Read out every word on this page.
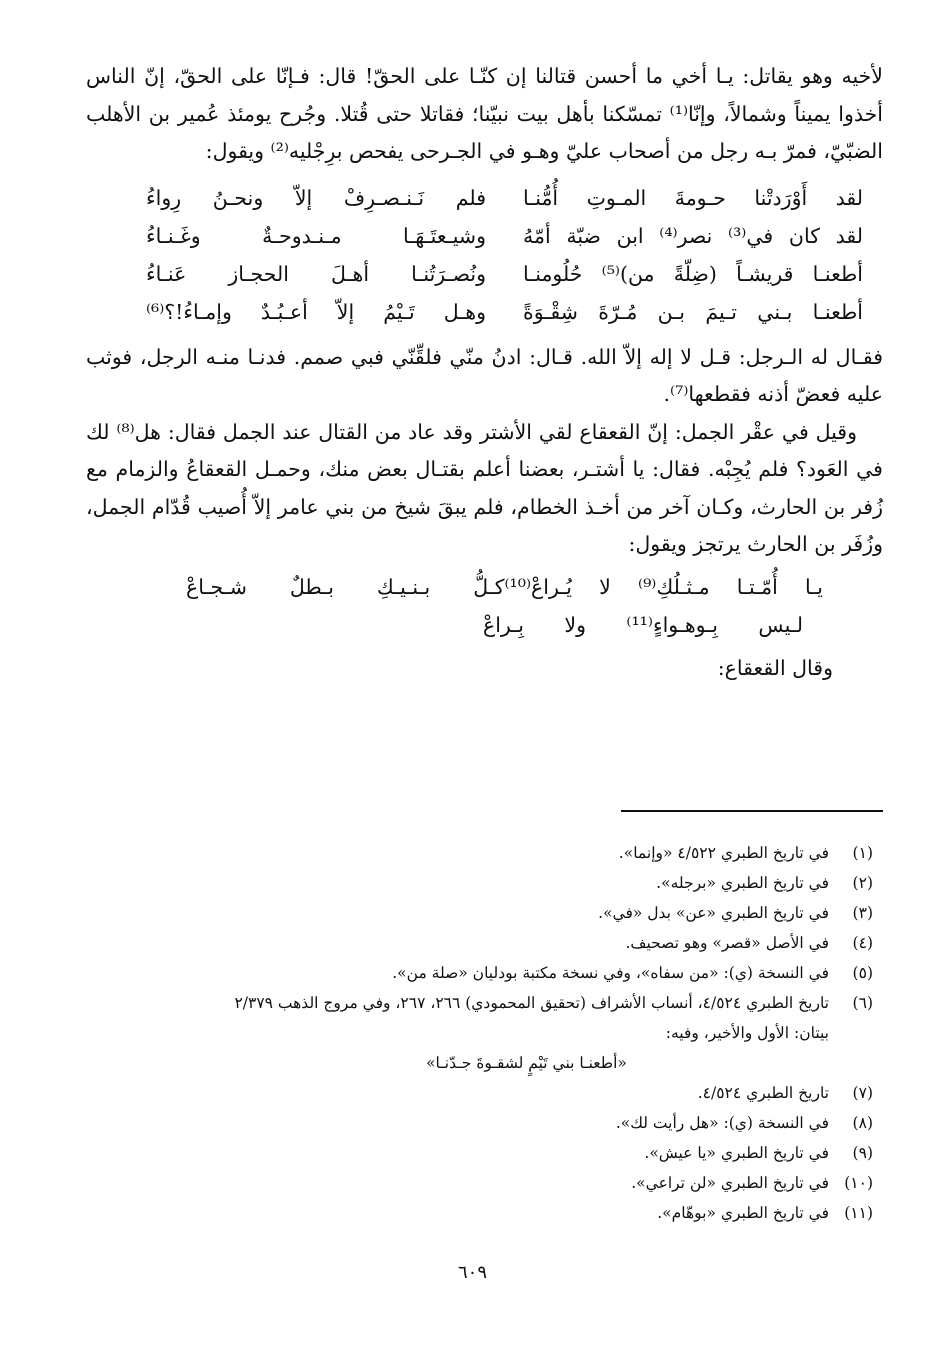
لأخيه وهو يقاتل: يـا أخي ما أحسن قتالنا إن كنّـا على الحقّ! قال: فـإنّا على الحقّ، إنّ الناس أخذوا يميناً وشمالاً، وإنّا⁽¹⁾ تمسّكنا بأهل بيت نبيّنا؛ فقاتلا حتى قُتلا. وجُرح يومئذ عُمير بن الأهلب الضبّيّ، فمرّ بـه رجل من أصحاب عليّ وهـو في الجـرحى يفحص برِجْليه⁽²⁾ ويقول:

لقد أَوْرَدتْنا حـومةَ المـوتِ أُمُّنـا
فلم نَـنـصـرِفْ إلاّ ونحـنُ رِواءُ
لقد كان في⁽³⁾ نصر⁽⁴⁾ ابن ضبّة أمّهُ
وشيـعتَـهَـا مـنـدوحـةٌ وغَـنـاءُ
أطعنـا قريشـاً (ضِلّةً من)⁽⁵⁾ حُلُومنـا
ونُصـرَتُنـا أهـلَ الحجـاز عَنـاءُ
أطعنـا بـني تـيمَ بـن مُـرّةَ شِقْـوَةً
وهـل تَـيْمُ إلاّ أعـبُـدٌ وإمـاءُ!؟⁽⁶⁾

فقـال له الـرجل: قـل لا إله إلاّ الله. قـال: ادنُ منّي فلقِّنّي فبي صمم. فدنـا منـه الرجل، فوثب عليه فعضّ أذنه فقطعها⁽⁷⁾.

وقيل في عقْر الجمل: إنّ القعقاع لقي الأشتر وقد عاد من القتال عند الجمل فقال: هل⁽⁸⁾ لك في العَود؟ فلم يُجِبْه. فقال: يا أشتـر، بعضنا أعلم بقتـال بعض منك، وحمـل القعقاعُ والزمام مع زُفر بن الحارث، وكـان آخر من أخـذ الخطام، فلم يبقَ شيخ من بني عامر إلاّ أُصيب قُدّام الجمل، وزُفَر بن الحارث يرتجز ويقول:

يـا أُمّـتـا مـثـلُكِ⁽⁹⁾ لا يُـراعْ⁽¹⁰⁾
كـلُّ بـنـيـكِ بـطلٌ شـجـاعْ
لـيس بِـوهـواءٍ⁽¹¹⁾ ولا بِـراعْ

وقال القعقاع:

(١)
في تاريخ الطبري ٤/٥٢٢ «وإنما».
(٢)
في تاريخ الطبري «برجله».
(٣)
في تاريخ الطبري «عن» بدل «في».
(٤)
في الأصل «قصر» وهو تصحيف.
(٥)
في النسخة (ي): «من سفاه»، وفي نسخة مكتبة بودليان «صلة من».
(٦)
تاريخ الطبري ٤/٥٢٤، أنساب الأشراف (تحقيق المحمودي) ٢٦٦، ٢٦٧، وفي مروج الذهب ٢/٣٧٩
بيتان: الأول والأخير، وفيه:
«أطعنـا بني تَيْمٍ لشقـوةَ جـدّنـا»
(٧)
تاريخ الطبري ٤/٥٢٤.
(٨)
في النسخة (ي): «هل رأيت لك».
(٩)
في تاريخ الطبري «يا عيش».
(١٠)
في تاريخ الطبري «لن تراعي».
(١١)
في تاريخ الطبري «بوهّام».
٦٠٩
